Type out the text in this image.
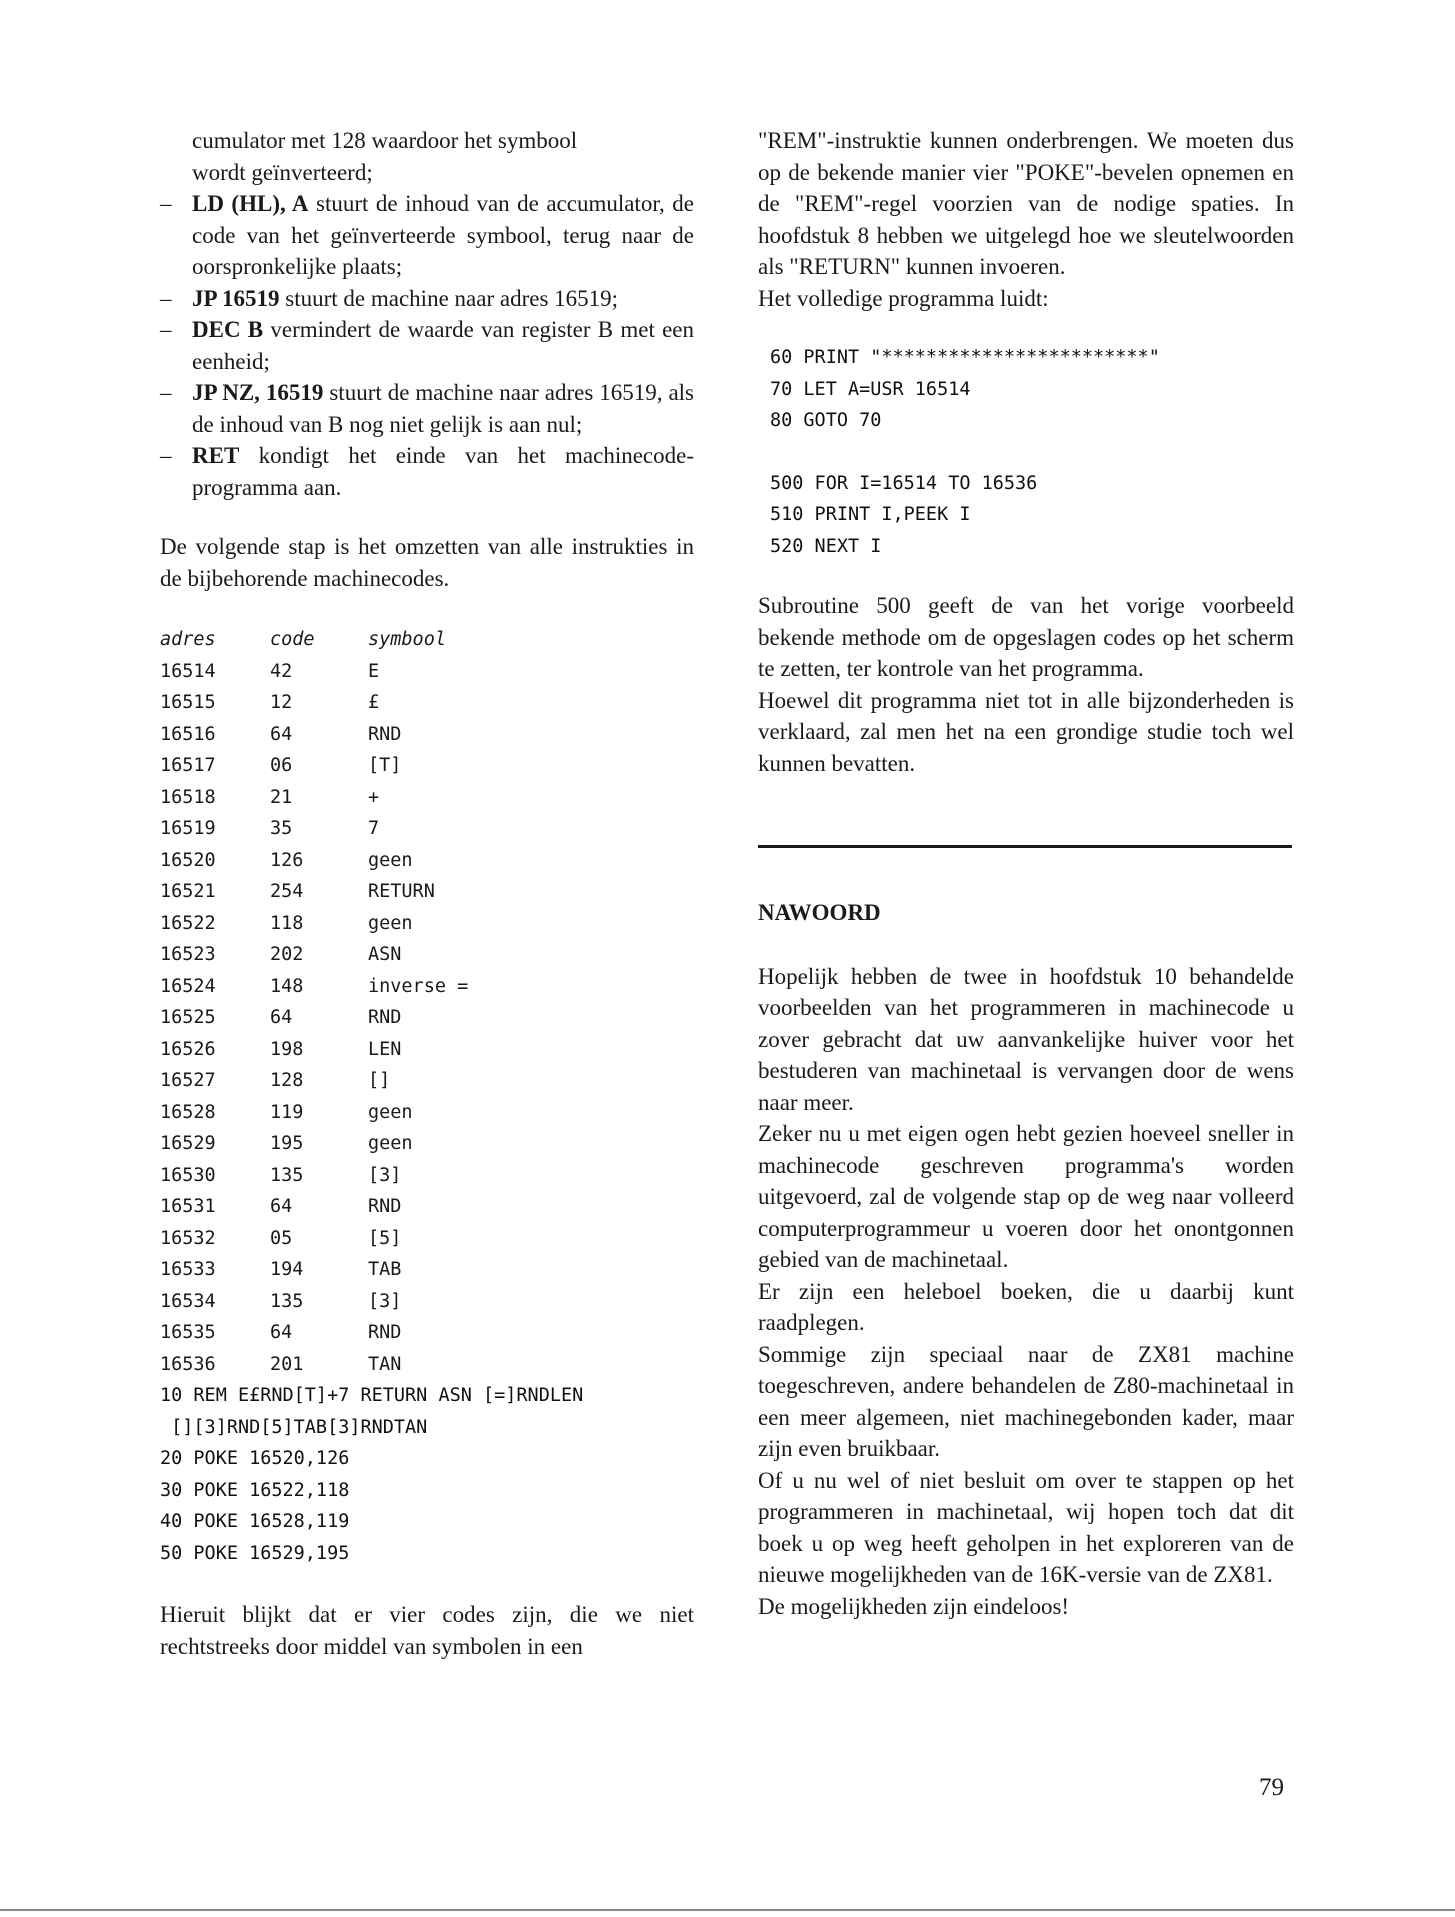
cumulator met 128 waardoor het symbool

wordt geïnverteerd;

– LD (HL), A stuurt de inhoud van de accumulator, de code van het geïnverteerde symbool, terug naar de oorspronkelijke plaats;
– JP 16519 stuurt de machine naar adres 16519;
– DEC B vermindert de waarde van register B met een eenheid;
– JP NZ, 16519 stuurt de machine naar adres 16519, als de inhoud van B nog niet gelijk is aan nul;
– RET kondigt het einde van het machinecode-programma aan.

De volgende stap is het omzetten van alle instrukties in de bijbehorende machinecodes.

adres	code	symbool
16514	42	E
16515	12	£
16516	64	RND
16517	06	[T]
16518	21	+
16519	35	7
16520	126	geen
16521	254	RETURN
16522	118	geen
16523	202	ASN
16524	148	inverse =
16525	64	RND
16526	198	LEN
16527	128	[]
16528	119	geen
16529	195	geen
16530	135	[3]
16531	64	RND
16532	05	[5]
16533	194	TAB
16534	135	[3]
16535	64	RND
16536	201	TAN
10 REM E£RND[T]+7 RETURN ASN [=]RNDLEN
[][3]RND[5]TAB[3]RNDTAN
20 POKE 16520,126
30 POKE 16522,118
40 POKE 16528,119
50 POKE 16529,195

Hieruit blijkt dat er vier codes zijn, die we niet rechtstreeks door middel van symbolen in een

"REM"-instruktie kunnen onderbrengen. We moeten dus op de bekende manier vier "POKE"-bevelen opnemen en de "REM"-regel voorzien van de nodige spaties. In hoofdstuk 8 hebben we uitgelegd hoe we sleutelwoorden als "RETURN" kunnen invoeren.

Het volledige programma luidt:

60 PRINT "************************"
70 LET A=USR 16514
80 GOTO 70
500 FOR I=16514 TO 16536
510 PRINT I,PEEK I
520 NEXT I

Subroutine 500 geeft de van het vorige voorbeeld bekende methode om de opgeslagen codes op het scherm te zetten, ter kontrole van het programma.

Hoewel dit programma niet tot in alle bijzonderheden is verklaard, zal men het na een grondige studie toch wel kunnen bevatten.

NAWOORD

Hopelijk hebben de twee in hoofdstuk 10 behandelde voorbeelden van het programmeren in machinecode u zover gebracht dat uw aanvankelijke huiver voor het bestuderen van machinetaal is vervangen door de wens naar meer.

Zeker nu u met eigen ogen hebt gezien hoeveel sneller in machinecode geschreven programma's worden uitgevoerd, zal de volgende stap op de weg naar volleerd computerprogrammeur u voeren door het onontgonnen gebied van de machinetaal.

Er zijn een heleboel boeken, die u daarbij kunt raadplegen.

Sommige zijn speciaal naar de ZX81 machine toegeschreven, andere behandelen de Z80-machinetaal in een meer algemeen, niet machinegebonden kader, maar zijn even bruikbaar.

Of u nu wel of niet besluit om over te stappen op het programmeren in machinetaal, wij hopen toch dat dit boek u op weg heeft geholpen in het exploreren van de nieuwe mogelijkheden van de 16K-versie van de ZX81.

De mogelijkheden zijn eindeloos!

79
